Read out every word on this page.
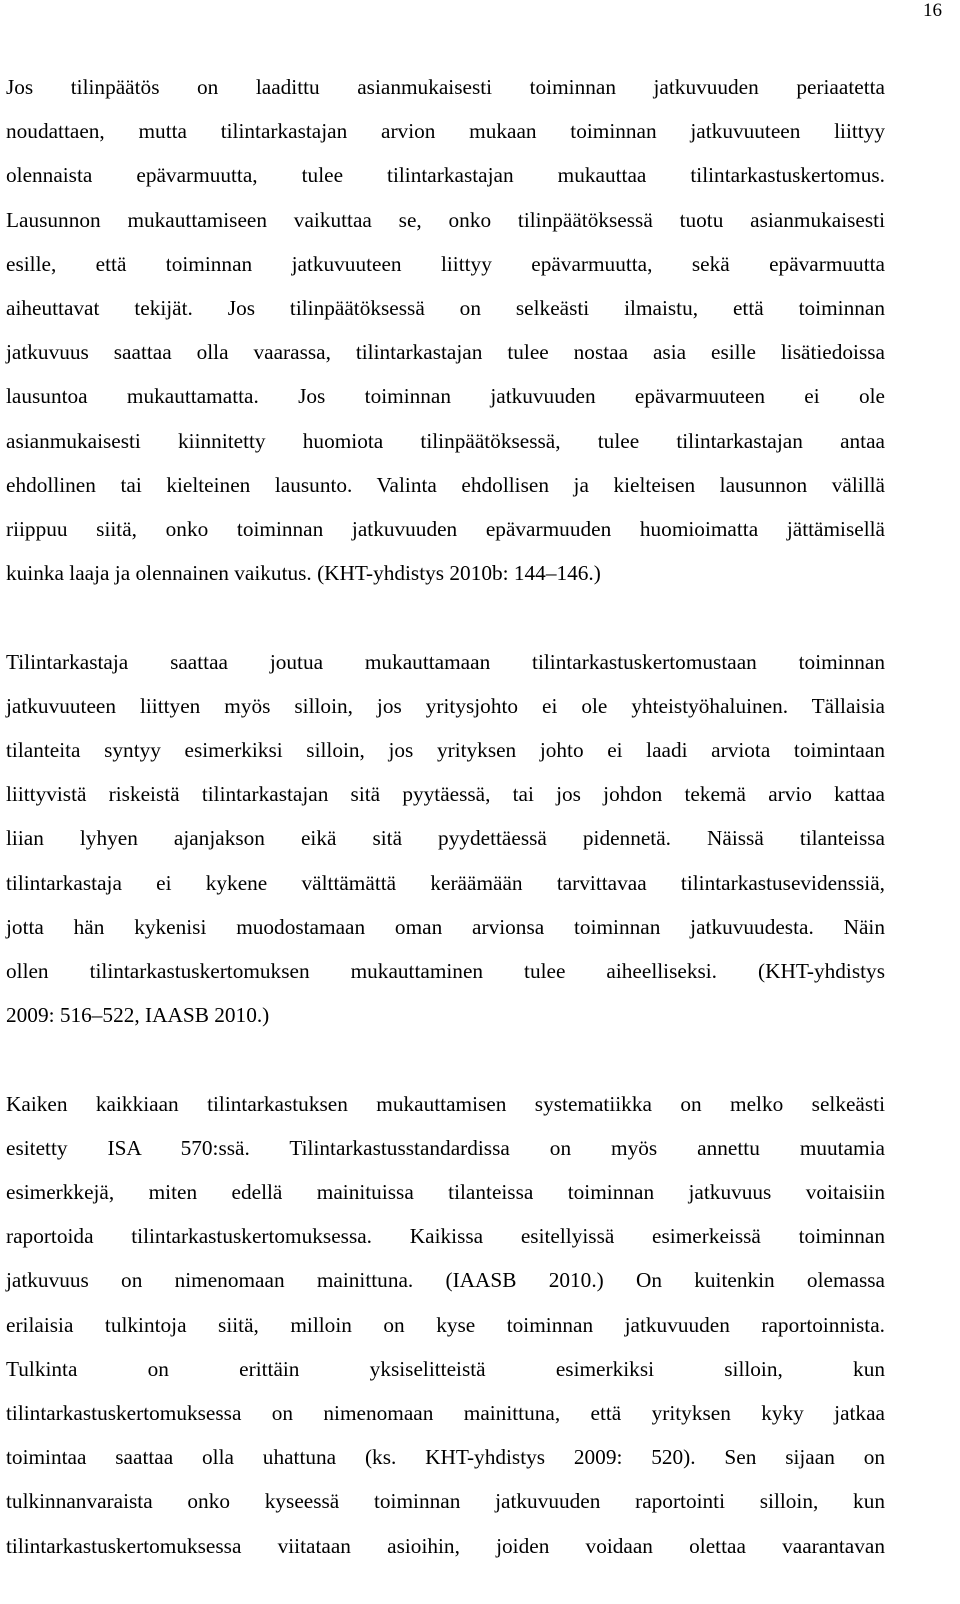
16

Jos tilinpäätös on laadittu asianmukaisesti toiminnan jatkuvuuden periaatetta
noudattaen, mutta tilintarkastajan arvion mukaan toiminnan jatkuvuuteen liittyy
olennaista epävarmuutta, tulee tilintarkastajan mukauttaa tilintarkastuskertomus.
Lausunnon mukauttamiseen vaikuttaa se, onko tilinpäätöksessä tuotu asianmukaisesti
esille, että toiminnan jatkuvuuteen liittyy epävarmuutta, sekä epävarmuutta
aiheuttavat tekijät. Jos tilinpäätöksessä on selkeästi ilmaistu, että toiminnan
jatkuvuus saattaa olla vaarassa, tilintarkastajan tulee nostaa asia esille lisätiedoissa
lausuntoa mukauttamatta. Jos toiminnan jatkuvuuden epävarmuuteen ei ole
asianmukaisesti kiinnitetty huomiota tilinpäätöksessä, tulee tilintarkastajan antaa
ehdollinen tai kielteinen lausunto. Valinta ehdollisen ja kielteisen lausunnon välillä
riippuu siitä, onko toiminnan jatkuvuuden epävarmuuden huomioimatta jättämisellä
kuinka laaja ja olennainen vaikutus. (KHT-yhdistys 2010b: 144–146.)

Tilintarkastaja saattaa joutua mukauttamaan tilintarkastuskertomustaan toiminnan
jatkuvuuteen liittyen myös silloin, jos yritysjohto ei ole yhteistyöhaluinen. Tällaisia
tilanteita syntyy esimerkiksi silloin, jos yrityksen johto ei laadi arviota toimintaan
liittyvistä riskeistä tilintarkastajan sitä pyytäessä, tai jos johdon tekemä arvio kattaa
liian lyhyen ajanjakson eikä sitä pyydettäessä pidennetä. Näissä tilanteissa
tilintarkastaja ei kykene välttämättä keräämään tarvittavaa tilintarkastusevidenssiä,
jotta hän kykenisi muodostamaan oman arvionsa toiminnan jatkuvuudesta. Näin
ollen tilintarkastuskertomuksen mukauttaminen tulee aiheelliseksi. (KHT-yhdistys
2009: 516–522, IAASB 2010.)

Kaiken kaikkiaan tilintarkastuksen mukauttamisen systematiikka on melko selkeästi
esitetty ISA 570:ssä. Tilintarkastusstandardissa on myös annettu muutamia
esimerkkejä, miten edellä mainituissa tilanteissa toiminnan jatkuvuus voitaisiin
raportoida tilintarkastuskertomuksessa. Kaikissa esitellyissä esimerkeissä toiminnan
jatkuvuus on nimenomaan mainittuna. (IAASB 2010.) On kuitenkin olemassa
erilaisia tulkintoja siitä, milloin on kyse toiminnan jatkuvuuden raportoinnista.
Tulkinta on erittäin yksiselitteistä esimerkiksi silloin, kun
tilintarkastuskertomuksessa on nimenomaan mainittuna, että yrityksen kyky jatkaa
toimintaa saattaa olla uhattuna (ks. KHT-yhdistys 2009: 520). Sen sijaan on
tulkinnanvaraista onko kyseessä toiminnan jatkuvuuden raportointi silloin, kun
tilintarkastuskertomuksessa viitataan asioihin, joiden voidaan olettaa vaarantavan
